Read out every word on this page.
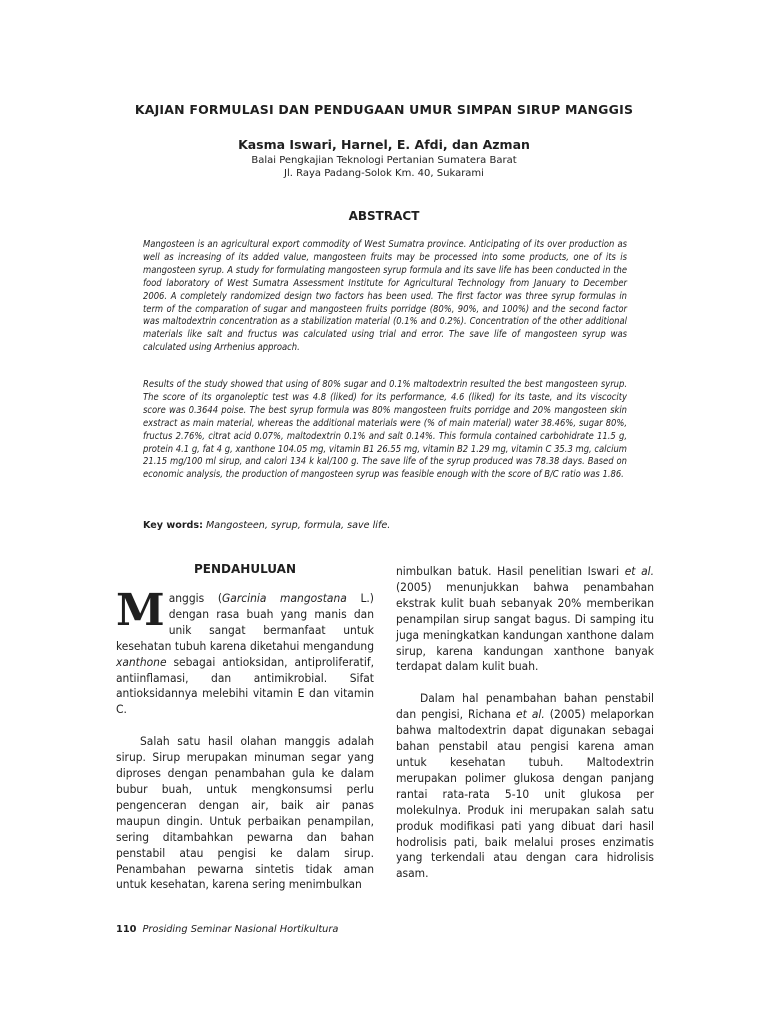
KAJIAN FORMULASI DAN PENDUGAAN UMUR SIMPAN SIRUP MANGGIS
Kasma Iswari, Harnel, E. Afdi, dan Azman
Balai Pengkajian Teknologi Pertanian Sumatera Barat
Jl. Raya Padang-Solok Km. 40, Sukarami
ABSTRACT

Mangosteen is an agricultural export commodity of West Sumatra province. Anticipating of its over production as well as increasing of its added value, mangosteen fruits may be processed into some products, one of its is mangosteen syrup. A study for formulating mangosteen syrup formula and its save life has been conducted in the food laboratory of West Sumatra Assessment Institute for Agricultural Technology from January to December 2006. A completely randomized design two factors has been used. The first factor was three syrup formulas in term of the comparation of sugar and mangosteen fruits porridge (80%, 90%, and 100%) and the second factor was maltodextrin concentration as a stabilization material (0.1% and 0.2%). Concentration of the other additional materials like salt and fructus was calculated using trial and error. The save life of mangosteen syrup was calculated using Arrhenius approach.

Results of the study showed that using of 80% sugar and 0.1% maltodextrin resulted the best mangosteen syrup. The score of its organoleptic test was 4.8 (liked) for its performance, 4.6 (liked) for its taste, and its viscocity score was 0.3644 poise. The best syrup formula was 80% mangosteen fruits porridge and 20% mangosteen skin exstract as main material, whereas the additional materials were (% of main material) water 38.46%, sugar 80%, fructus 2.76%, citrat acid 0.07%, maltodextrin 0.1% and salt 0.14%. This formula contained carbohidrate 11.5 g, protein 4.1 g, fat 4 g, xanthone 104.05 mg, vitamin B1 26.55 mg, vitamin B2 1.29 mg, vitamin C 35.3 mg, calcium 21.15 mg/100 ml sirup, and calori 134 k kal/100 g. The save life of the syrup produced was 78.38 days. Based on economic analysis, the production of mangosteen syrup was feasible enough with the score of B/C ratio was 1.86.

Key words: Mangosteen, syrup, formula, save life.
PENDAHULUAN

Manggis (Garcinia mangostana L.) dengan rasa buah yang manis dan unik sangat bermanfaat untuk kesehatan tubuh karena diketahui mengandung xanthone sebagai antioksidan, antiproliferatif, antiinflamasi, dan antimikrobial. Sifat antioksidannya melebihi vitamin E dan vitamin C.

Salah satu hasil olahan manggis adalah sirup. Sirup merupakan minuman segar yang diproses dengan penambahan gula ke dalam bubur buah, untuk mengkonsumsi perlu pengenceran dengan air, baik air panas maupun dingin. Untuk perbaikan penampilan, sering ditambahkan pewarna dan bahan penstabil atau pengisi ke dalam sirup. Penambahan pewarna sintetis tidak aman untuk kesehatan, karena sering menimbulkan

nimbulkan batuk. Hasil penelitian Iswari et al. (2005) menunjukkan bahwa penambahan ekstrak kulit buah sebanyak 20% memberikan penampilan sirup sangat bagus. Di samping itu juga meningkatkan kandungan xanthone dalam sirup, karena kandungan xanthone banyak terdapat dalam kulit buah.

Dalam hal penambahan bahan penstabil dan pengisi, Richana et al. (2005) melaporkan bahwa maltodextrin dapat digunakan sebagai bahan penstabil atau pengisi karena aman untuk kesehatan tubuh. Maltodextrin merupakan polimer glukosa dengan panjang rantai rata-rata 5-10 unit glukosa per molekulnya. Produk ini merupakan salah satu produk modifikasi pati yang dibuat dari hasil hodrolisis pati, baik melalui proses enzimatis yang terkendali atau dengan cara hidrolisis asam.

110 Prosiding Seminar Nasional Hortikultura
